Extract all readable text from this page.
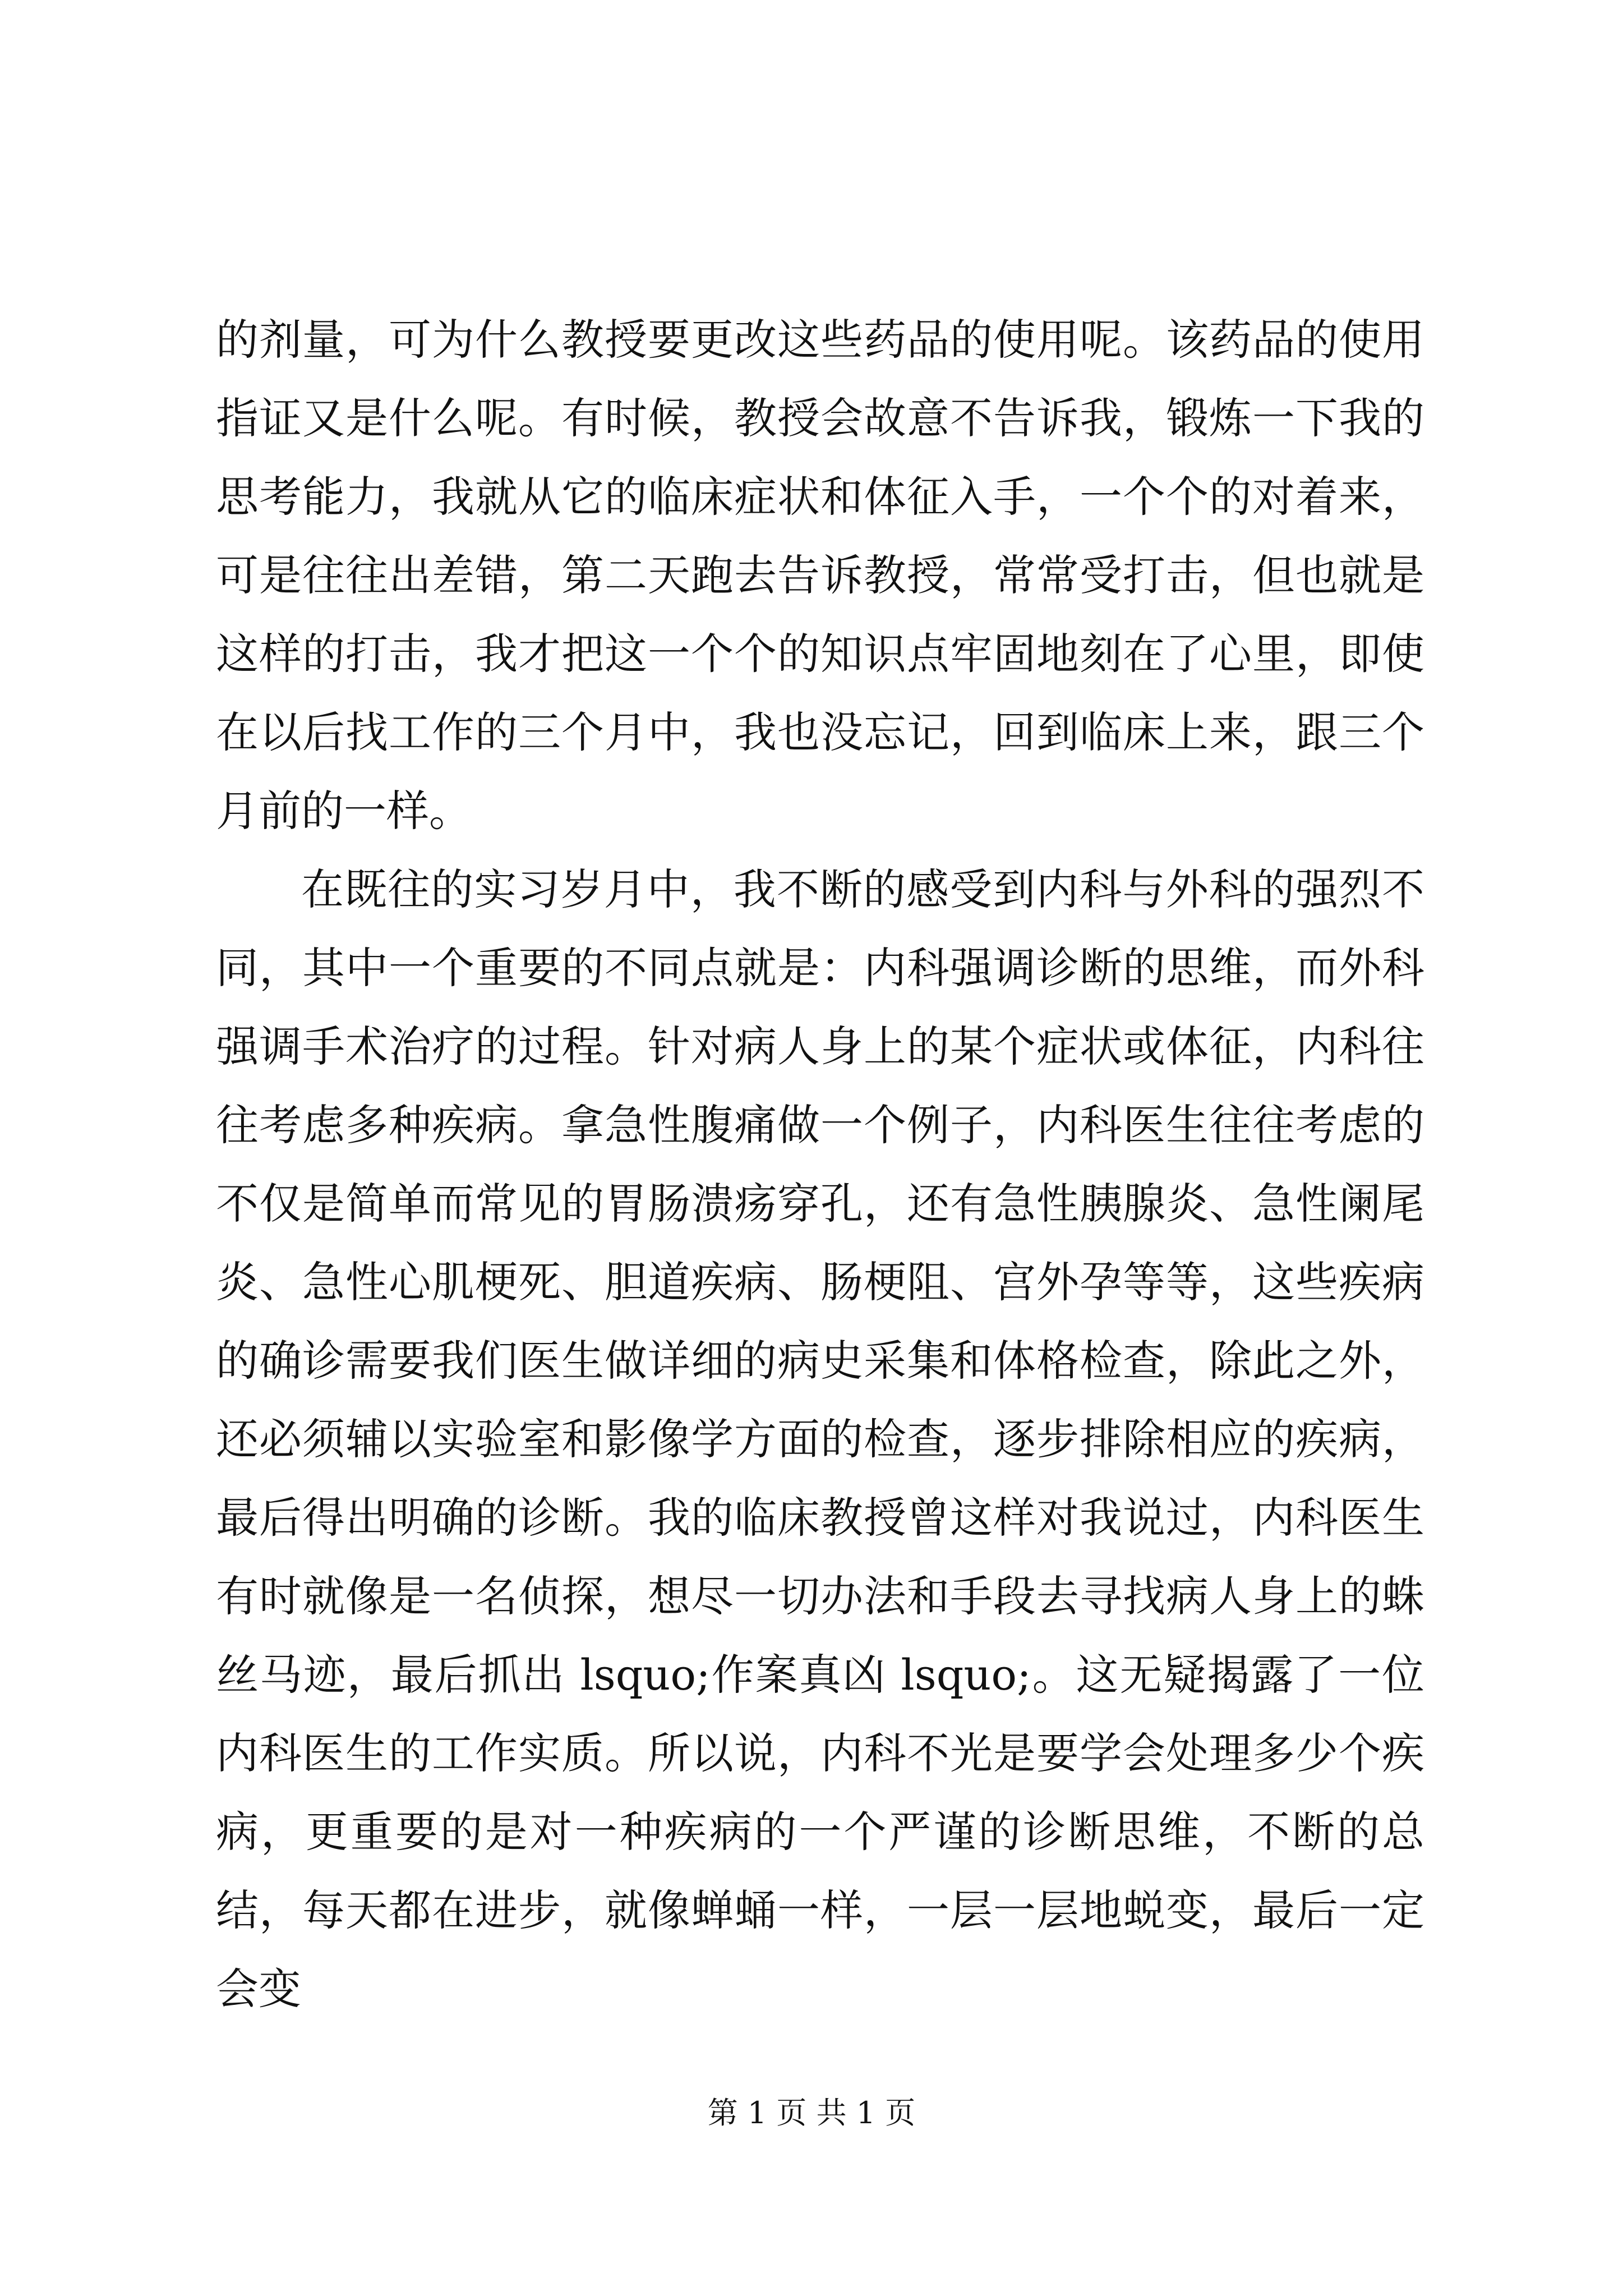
的剂量，可为什么教授要更改这些药品的使用呢。该药品的使用指证又是什么呢。有时候，教授会故意不告诉我，锻炼一下我的思考能力，我就从它的临床症状和体征入手，一个个的对着来，可是往往出差错，第二天跑去告诉教授，常常受打击，但也就是这样的打击，我才把这一个个的知识点牢固地刻在了心里，即使在以后找工作的三个月中，我也没忘记，回到临床上来，跟三个月前的一样。

在既往的实习岁月中，我不断的感受到内科与外科的强烈不同，其中一个重要的不同点就是：内科强调诊断的思维，而外科强调手术治疗的过程。针对病人身上的某个症状或体征，内科往往考虑多种疾病。拿急性腹痛做一个例子，内科医生往往考虑的不仅是简单而常见的胃肠溃疡穿孔，还有急性胰腺炎、急性阑尾炎、急性心肌梗死、胆道疾病、肠梗阻、宫外孕等等，这些疾病的确诊需要我们医生做详细的病史采集和体格检查，除此之外，还必须辅以实验室和影像学方面的检查，逐步排除相应的疾病，最后得出明确的诊断。我的临床教授曾这样对我说过，内科医生有时就像是一名侦探，想尽一切办法和手段去寻找病人身上的蛛丝马迹，最后抓出 lsquo;作案真凶 lsquo;。这无疑揭露了一位内科医生的工作实质。所以说，内科不光是要学会处理多少个疾病，更重要的是对一种疾病的一个严谨的诊断思维，不断的总结，每天都在进步，就像蝉蛹一样，一层一层地蜕变，最后一定会变

第 1 页 共 1 页
